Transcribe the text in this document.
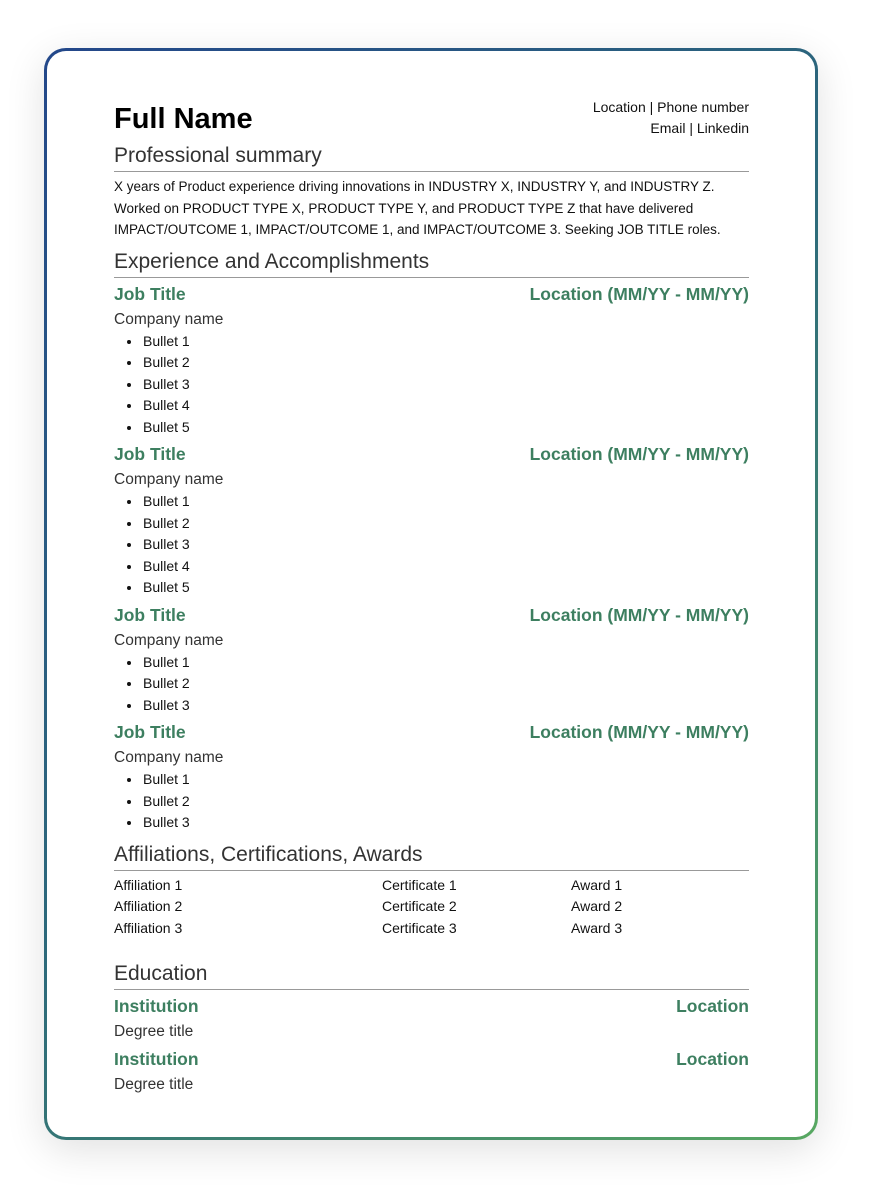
Location | Phone number
Email | Linkedin
Full Name
Professional summary
X years of Product experience driving innovations in INDUSTRY X, INDUSTRY Y, and INDUSTRY Z. Worked on PRODUCT TYPE X, PRODUCT TYPE Y, and PRODUCT TYPE Z that have delivered IMPACT/OUTCOME 1, IMPACT/OUTCOME 1, and IMPACT/OUTCOME 3. Seeking JOB TITLE roles.
Experience and Accomplishments
Job Title	Location (MM/YY - MM/YY)
Company name
• Bullet 1
• Bullet 2
• Bullet 3
• Bullet 4
• Bullet 5
Job Title	Location (MM/YY - MM/YY)
Company name
• Bullet 1
• Bullet 2
• Bullet 3
• Bullet 4
• Bullet 5
Job Title	Location (MM/YY - MM/YY)
Company name
• Bullet 1
• Bullet 2
• Bullet 3
Job Title	Location (MM/YY - MM/YY)
Company name
• Bullet 1
• Bullet 2
• Bullet 3
Affiliations, Certifications, Awards
Affiliation 1	Certificate 1	Award 1
Affiliation 2	Certificate 2	Award 2
Affiliation 3	Certificate 3	Award 3
Education
Institution	Location
Degree title
Institution	Location
Degree title
